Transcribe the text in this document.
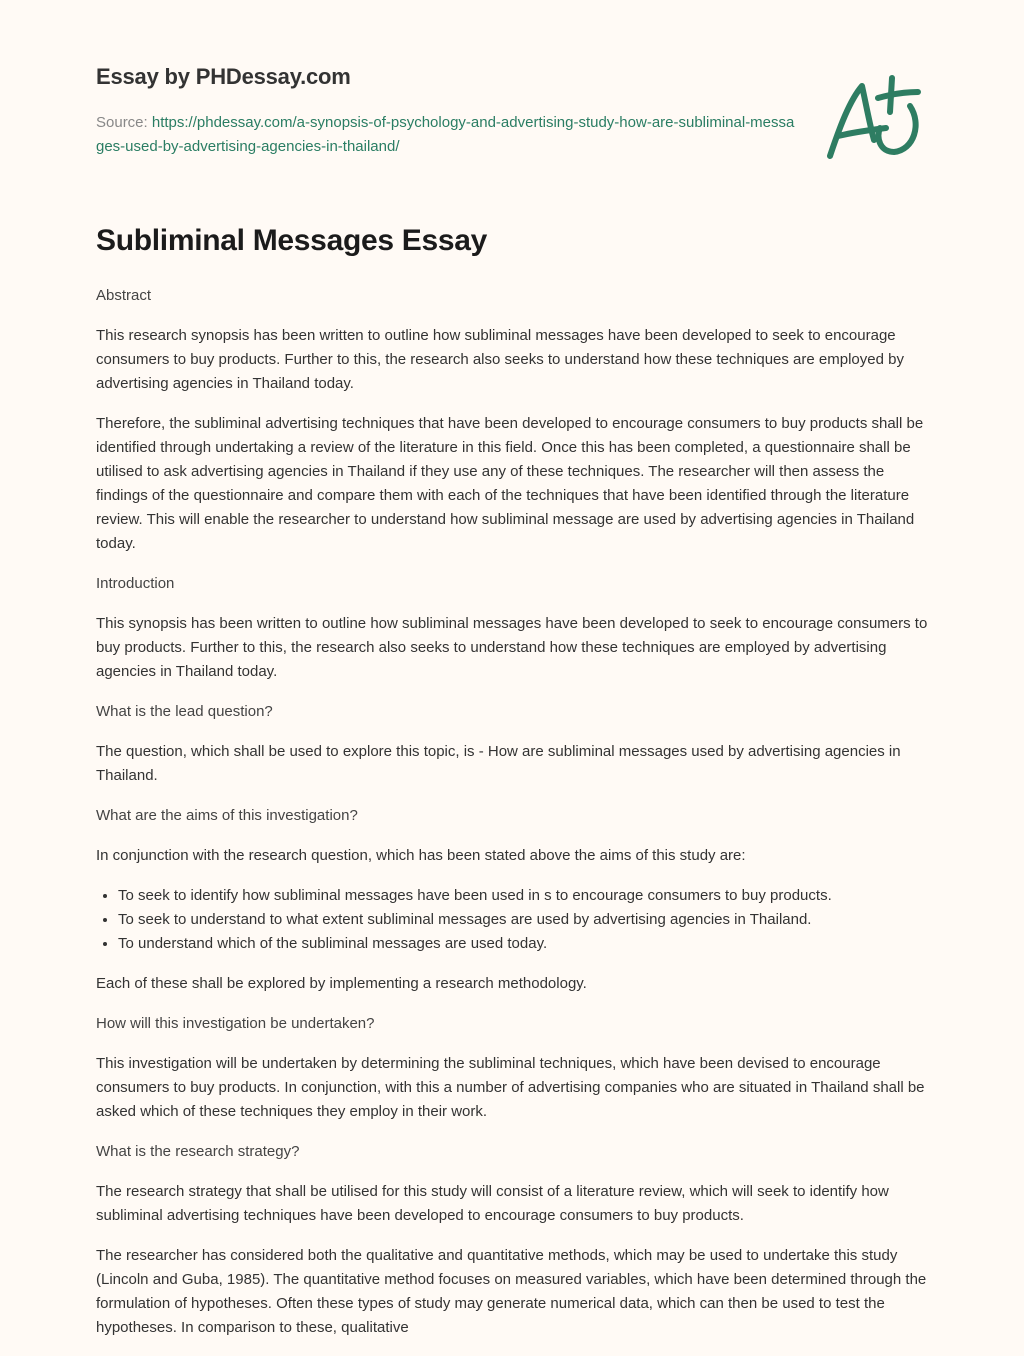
Essay by PHDessay.com
Source: https://phdessay.com/a-synopsis-of-psychology-and-advertising-study-how-are-subliminal-messages-used-by-advertising-agencies-in-thailand/
Subliminal Messages Essay

Abstract

This research synopsis has been written to outline how subliminal messages have been developed to seek to encourage consumers to buy products. Further to this, the research also seeks to understand how these techniques are employed by advertising agencies in Thailand today.

Therefore, the subliminal advertising techniques that have been developed to encourage consumers to buy products shall be identified through undertaking a review of the literature in this field. Once this has been completed, a questionnaire shall be utilised to ask advertising agencies in Thailand if they use any of these techniques. The researcher will then assess the findings of the questionnaire and compare them with each of the techniques that have been identified through the literature review. This will enable the researcher to understand how subliminal message are used by advertising agencies in Thailand today.

Introduction

This synopsis has been written to outline how subliminal messages have been developed to seek to encourage consumers to buy products. Further to this, the research also seeks to understand how these techniques are employed by advertising agencies in Thailand today.

What is the lead question?

The question, which shall be used to explore this topic, is - How are subliminal messages used by advertising agencies in Thailand.

What are the aims of this investigation?

In conjunction with the research question, which has been stated above the aims of this study are:

• To seek to identify how subliminal messages have been used in s to encourage consumers to buy products.
• To seek to understand to what extent subliminal messages are used by advertising agencies in Thailand.
• To understand which of the subliminal messages are used today.

Each of these shall be explored by implementing a research methodology.

How will this investigation be undertaken?

This investigation will be undertaken by determining the subliminal techniques, which have been devised to encourage consumers to buy products. In conjunction, with this a number of advertising companies who are situated in Thailand shall be asked which of these techniques they employ in their work.

What is the research strategy?

The research strategy that shall be utilised for this study will consist of a literature review, which will seek to identify how subliminal advertising techniques have been developed to encourage consumers to buy products.

The researcher has considered both the qualitative and quantitative methods, which may be used to undertake this study (Lincoln and Guba, 1985). The quantitative method focuses on measured variables, which have been determined through the formulation of hypotheses. Often these types of study may generate numerical data, which can then be used to test the hypotheses. In comparison to these, qualitative
